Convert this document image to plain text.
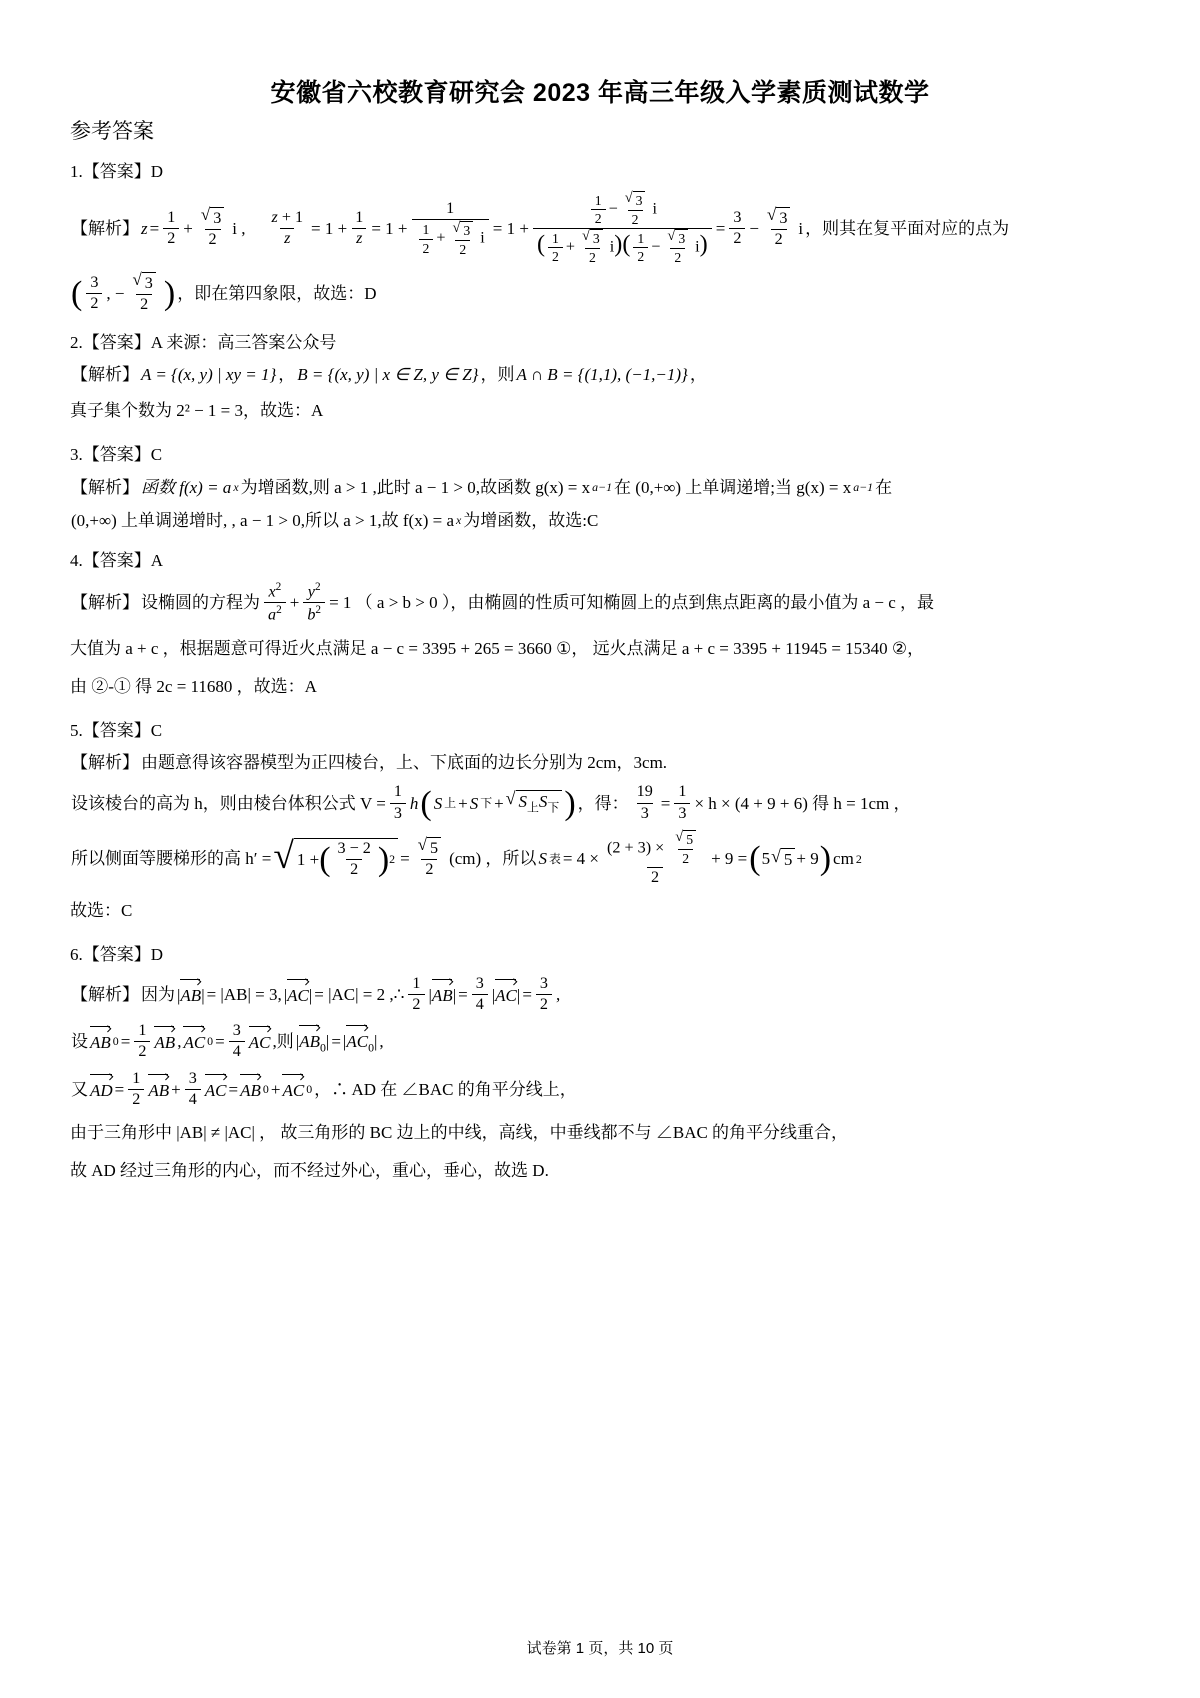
安徽省六校教育研究会 2023 年高三年级入学素质测试数学
参考答案
1.【答案】D
【解析】 $z = \frac{1}{2} + \frac{√ 3}{2}$ i , $\frac{z + 1}{z} = 1 + \frac{1}{z} = 1 + \frac{1}{\frac{1}{2} + \frac{√ 3}{2} i} = 1 + \frac{\frac{1}{2} - \frac{√ 3}{2} i}{( \frac{1}{2} + \frac{√ 3}{2} i)( \frac{1}{2} - \frac{√ 3}{2} i)} = \frac{3}{2} - \frac{√ 3}{2}$ i ，则其在复平面对应的点为
( $\frac{3}{2}$ , − $\frac{√ 3}{2}$ ) ，即在第四象限，故选：D
2.【答案】A 来源：高三答案公众号
【解析】 A = {(x, y) | xy = 1} ， B = {(x, y) | x ∈ Z, y ∈ Z} ，则 A ∩ B = {(1,1), (−1,−1)} ，
真子集个数为 2² − 1 = 3，故选：A
3.【答案】C
【解析】 函数 f(x) = a x 为增函数,则 a > 1 ,此时 a − 1 > 0,故函数 g(x) = x a−1 在 (0,+∞) 上单调递增;当 g(x) = x a−1 在
(0,+∞) 上单调递增时, , a − 1 > 0,所以 a > 1,故 f(x) = a x 为增函数，故选:C
4.【答案】A
【解析】 设椭圆的方程为 $\frac{x^2}{a^2} + \frac{y^2}{b^2} = 1$ （ a > b > 0 ），由椭圆的性质可知椭圆上的点到焦点距离的最小值为 a − c ，最
大值为 a + c ，根据题意可得近火点满足 a − c = 3395 + 265 = 3660 ①， 远火点满足 a + c = 3395 + 11945 = 15340 ②，
由 ②-① 得 2c = 11680 ，故选：A
5.【答案】C
【解析】 由题意得该容器模型为正四棱台，上、下底面的边长分别为 2cm，3cm.
设该棱台的高为 h，则由棱台体积公式 $V = \frac{1}{3}$ h ( S 上 + S 下 + √ $S_上S_下$ ) ，得： $\frac{19}{3} = \frac{1}{3} \times h \times (4 + 9 + 6)$ 得 h = 1cm ，
所以侧面等腰梯形的高 h′ = √ 1 + ( $\frac{3 - 2}{2}$ ) $2 = \frac{√ 5}{2} (cm)$ ，所以 S 表 = $4 \times \frac{(2 + 3) \times \frac{√ 5}{2}}{2} + 9$ = ( 5 √ 5 + 9 ) cm 2
故选：C
6.【答案】D
【解析】 因为 |AB| = |AB| = 3, |AC| = |AC| = 2 ,∴ $\frac{1}{2} |AB| = \frac{3}{4} |AC| = \frac{3}{2}$ ,
设 AB $0 = \frac{1}{2}$ AB , AC $0 = \frac{3}{4}$ AC ,则 $|AB_0| = |AC_0|$ ,
又 AD = $\frac{1}{2}$ AB + $\frac{3}{4}$ AC = AB 0 + AC 0 ，∴ AD 在 ∠BAC 的角平分线上，
由于三角形中 |AB| ≠ |AC| ， 故三角形的 BC 边上的中线，高线，中垂线都不与 ∠BAC 的角平分线重合，
故 AD 经过三角形的内心，而不经过外心，重心，垂心，故选 D.
试卷第 1 页，共 10 页
